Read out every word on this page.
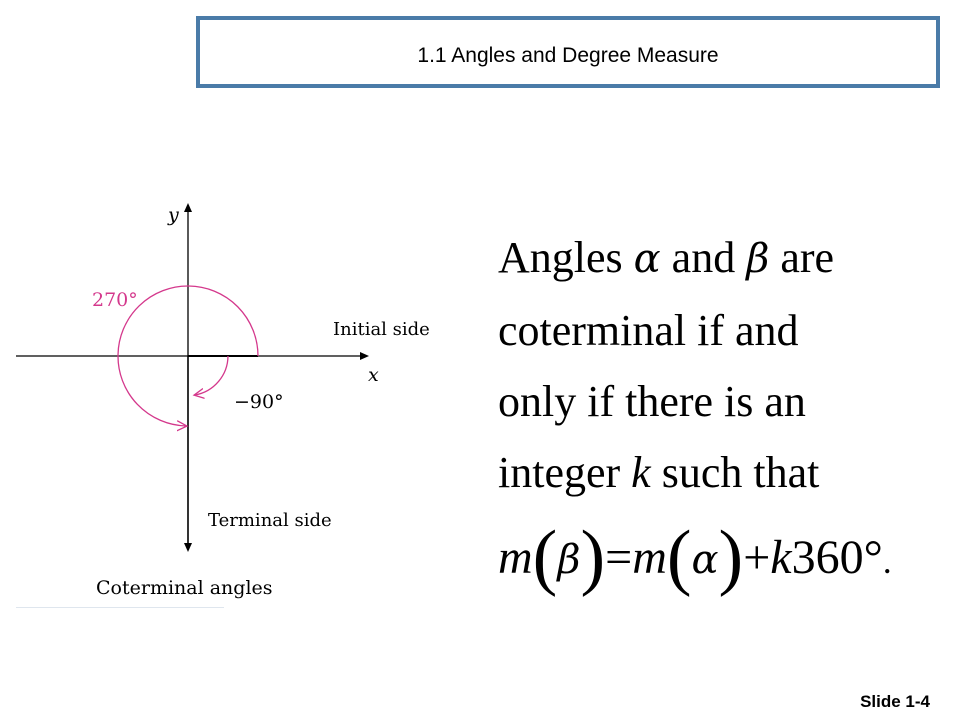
1.1 Angles and Degree Measure
y
x
270°
−90°
Initial side
Terminal side
Coterminal angles
Angles α and β are
coterminal if and
only if there is an
integer k such that
m(β)=m(α)+k360°.
Slide 1-4
